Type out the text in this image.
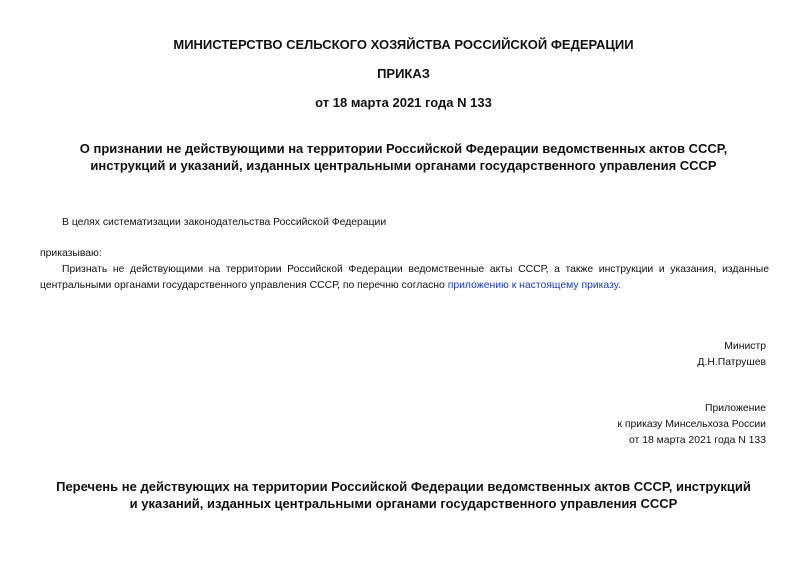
МИНИСТЕРСТВО СЕЛЬСКОГО ХОЗЯЙСТВА РОССИЙСКОЙ ФЕДЕРАЦИИ
ПРИКАЗ
от 18 марта 2021 года N 133
О признании не действующими на территории Российской Федерации ведомственных актов СССР,
инструкций и указаний, изданных центральными органами государственного управления СССР
В целях систематизации законодательства Российской Федерации
приказываю:
Признать не действующими на территории Российской Федерации ведомственные акты СССР, а также инструкции и указания, изданные центральными органами государственного управления СССР, по перечню согласно приложению к настоящему приказу.
Министр
Д.Н.Патрушев
Приложение
к приказу Минсельхоза России
от 18 марта 2021 года N 133
Перечень не действующих на территории Российской Федерации ведомственных актов СССР, инструкций
и указаний, изданных центральными органами государственного управления СССР
